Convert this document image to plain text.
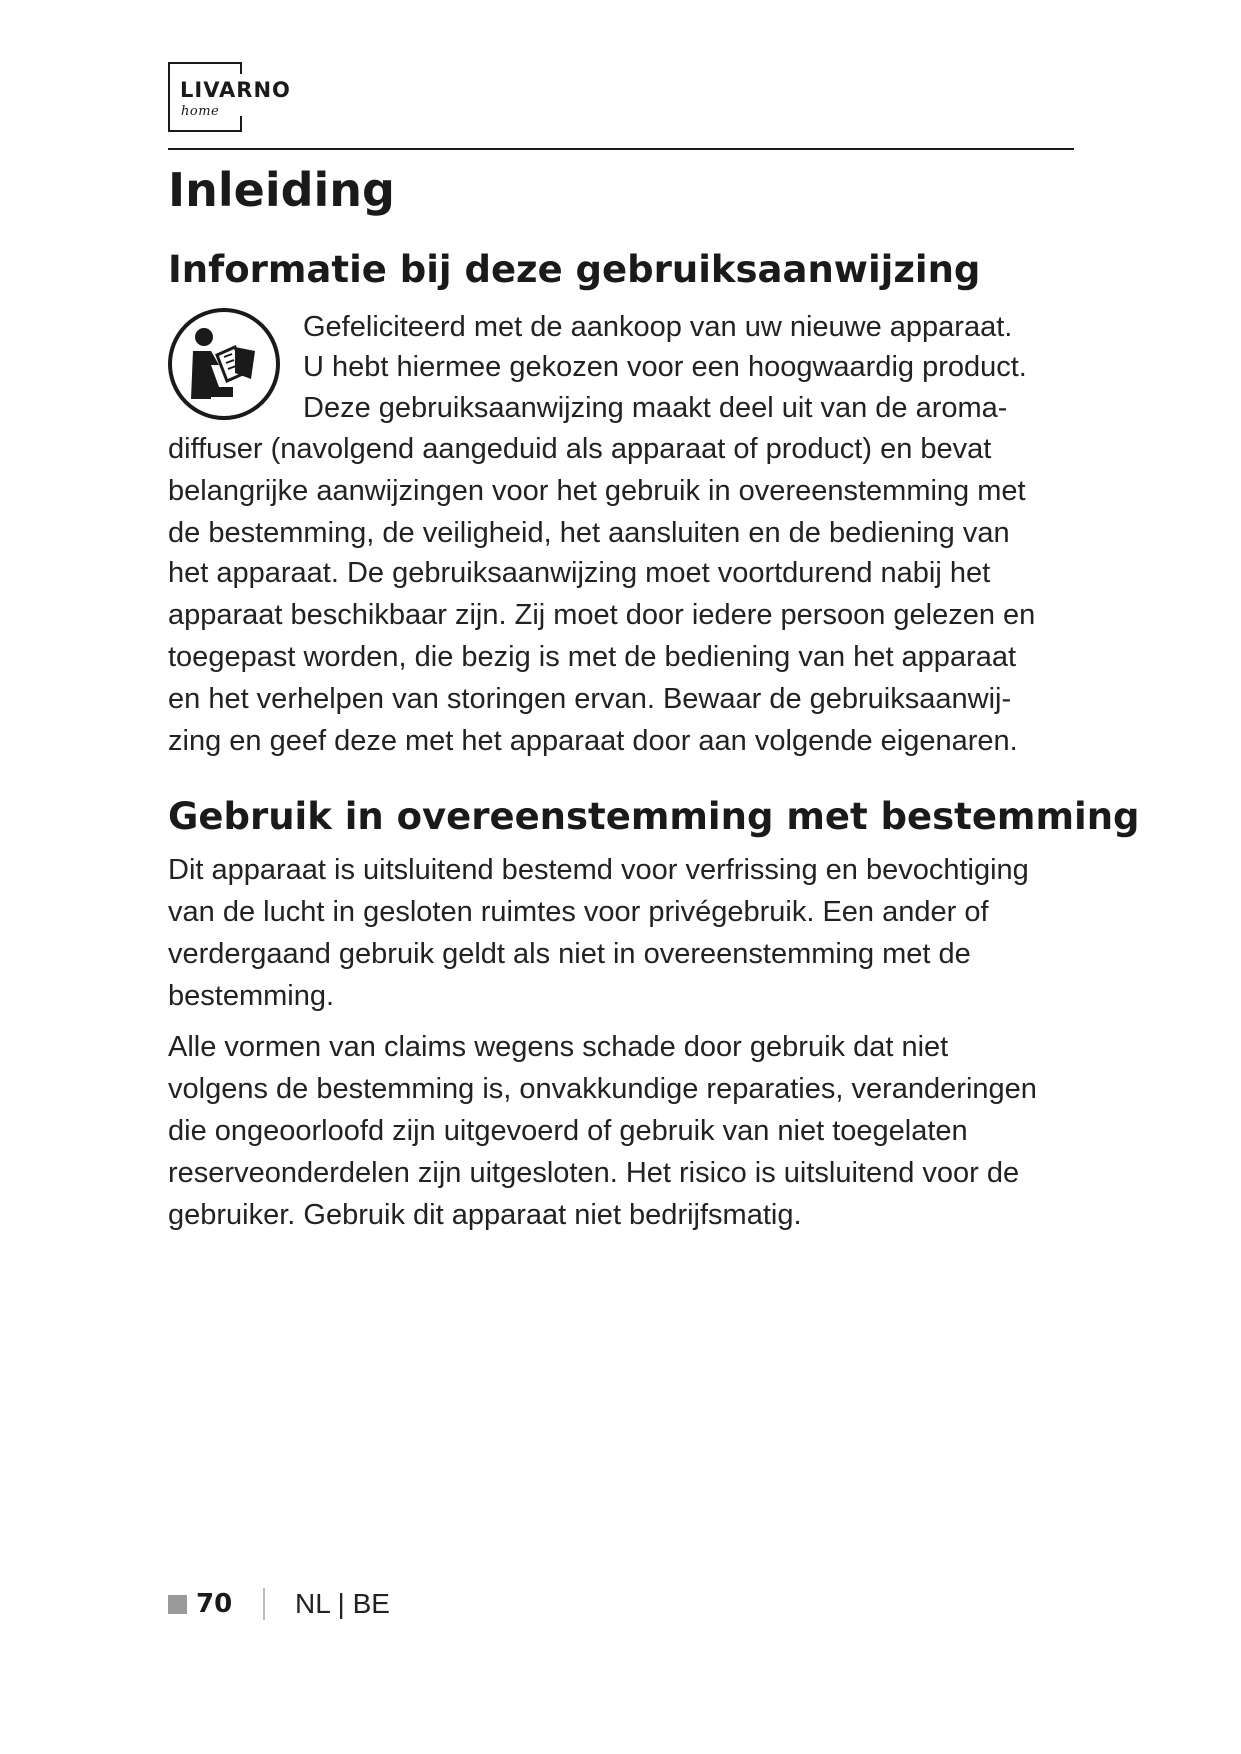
LIVARNO
home
Inleiding
Informatie bij deze gebruiksaanwijzing
Gefeliciteerd met de aankoop van uw nieuwe apparaat.
U hebt hiermee gekozen voor een hoogwaardig product.
Deze gebruiksaanwijzing maakt deel uit van de aroma-
diffuser (navolgend aangeduid als apparaat of product) en bevat
belangrijke aanwijzingen voor het gebruik in overeenstemming met
de bestemming, de veiligheid, het aansluiten en de bediening van
het apparaat. De gebruiksaanwijzing moet voortdurend nabij het
apparaat beschikbaar zijn. Zij moet door iedere persoon gelezen en
toegepast worden, die bezig is met de bediening van het apparaat
en het verhelpen van storingen ervan. Bewaar de gebruiksaanwij-
zing en geef deze met het apparaat door aan volgende eigenaren.
Gebruik in overeenstemming met bestemming
Dit apparaat is uitsluitend bestemd voor verfrissing en bevochtiging
van de lucht in gesloten ruimtes voor privégebruik. Een ander of
verdergaand gebruik geldt als niet in overeenstemming met de
bestemming.
Alle vormen van claims wegens schade door gebruik dat niet
volgens de bestemming is, onvakkundige reparaties, veranderingen
die ongeoorloofd zijn uitgevoerd of gebruik van niet toegelaten
reserveonderdelen zijn uitgesloten. Het risico is uitsluitend voor de
gebruiker. Gebruik dit apparaat niet bedrijfsmatig.
70 NL | BE
